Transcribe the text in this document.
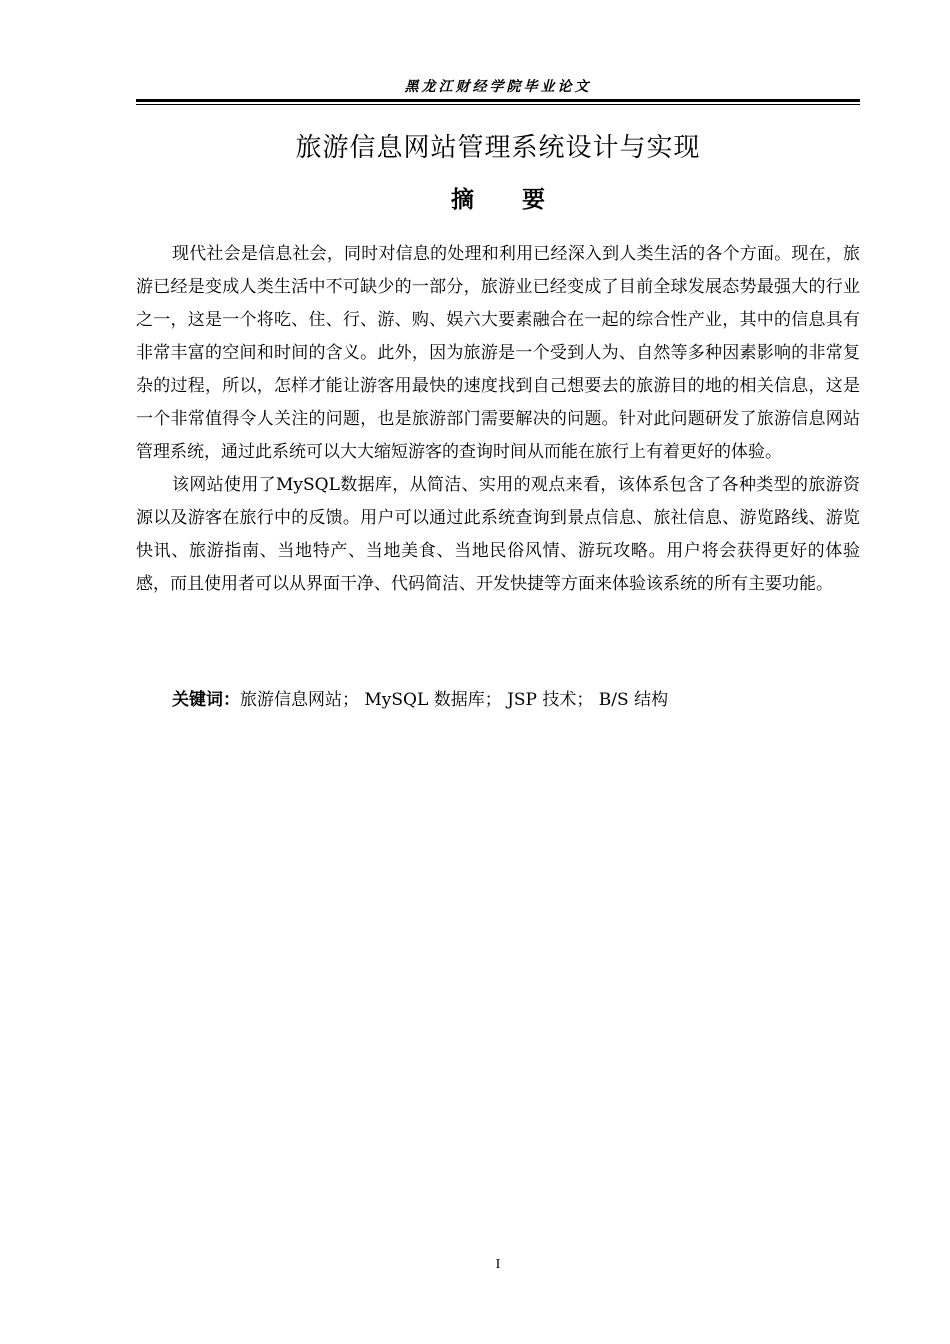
黑龙江财经学院毕业论文
旅游信息网站管理系统设计与实现
摘 要

现代社会是信息社会，同时对信息的处理和利用已经深入到人类生活的各个方面。现在，旅游已经是变成人类生活中不可缺少的一部分，旅游业已经变成了目前全球发展态势最强大的行业之一，这是一个将吃、住、行、游、购、娱六大要素融合在一起的综合性产业，其中的信息具有非常丰富的空间和时间的含义。此外，因为旅游是一个受到人为、自然等多种因素影响的非常复杂的过程，所以，怎样才能让游客用最快的速度找到自己想要去的旅游目的地的相关信息，这是一个非常值得令人关注的问题，也是旅游部门需要解决的问题。针对此问题研发了旅游信息网站管理系统，通过此系统可以大大缩短游客的查询时间从而能在旅行上有着更好的体验。

该网站使用了MySQL数据库，从简洁、实用的观点来看，该体系包含了各种类型的旅游资源以及游客在旅行中的反馈。用户可以通过此系统查询到景点信息、旅社信息、游览路线、游览快讯、旅游指南、当地特产、当地美食、当地民俗风情、游玩攻略。用户将会获得更好的体验感，而且使用者可以从界面干净、代码简洁、开发快捷等方面来体验该系统的所有主要功能。

关键词：旅游信息网站； MySQL 数据库； JSP 技术； B/S 结构
I
